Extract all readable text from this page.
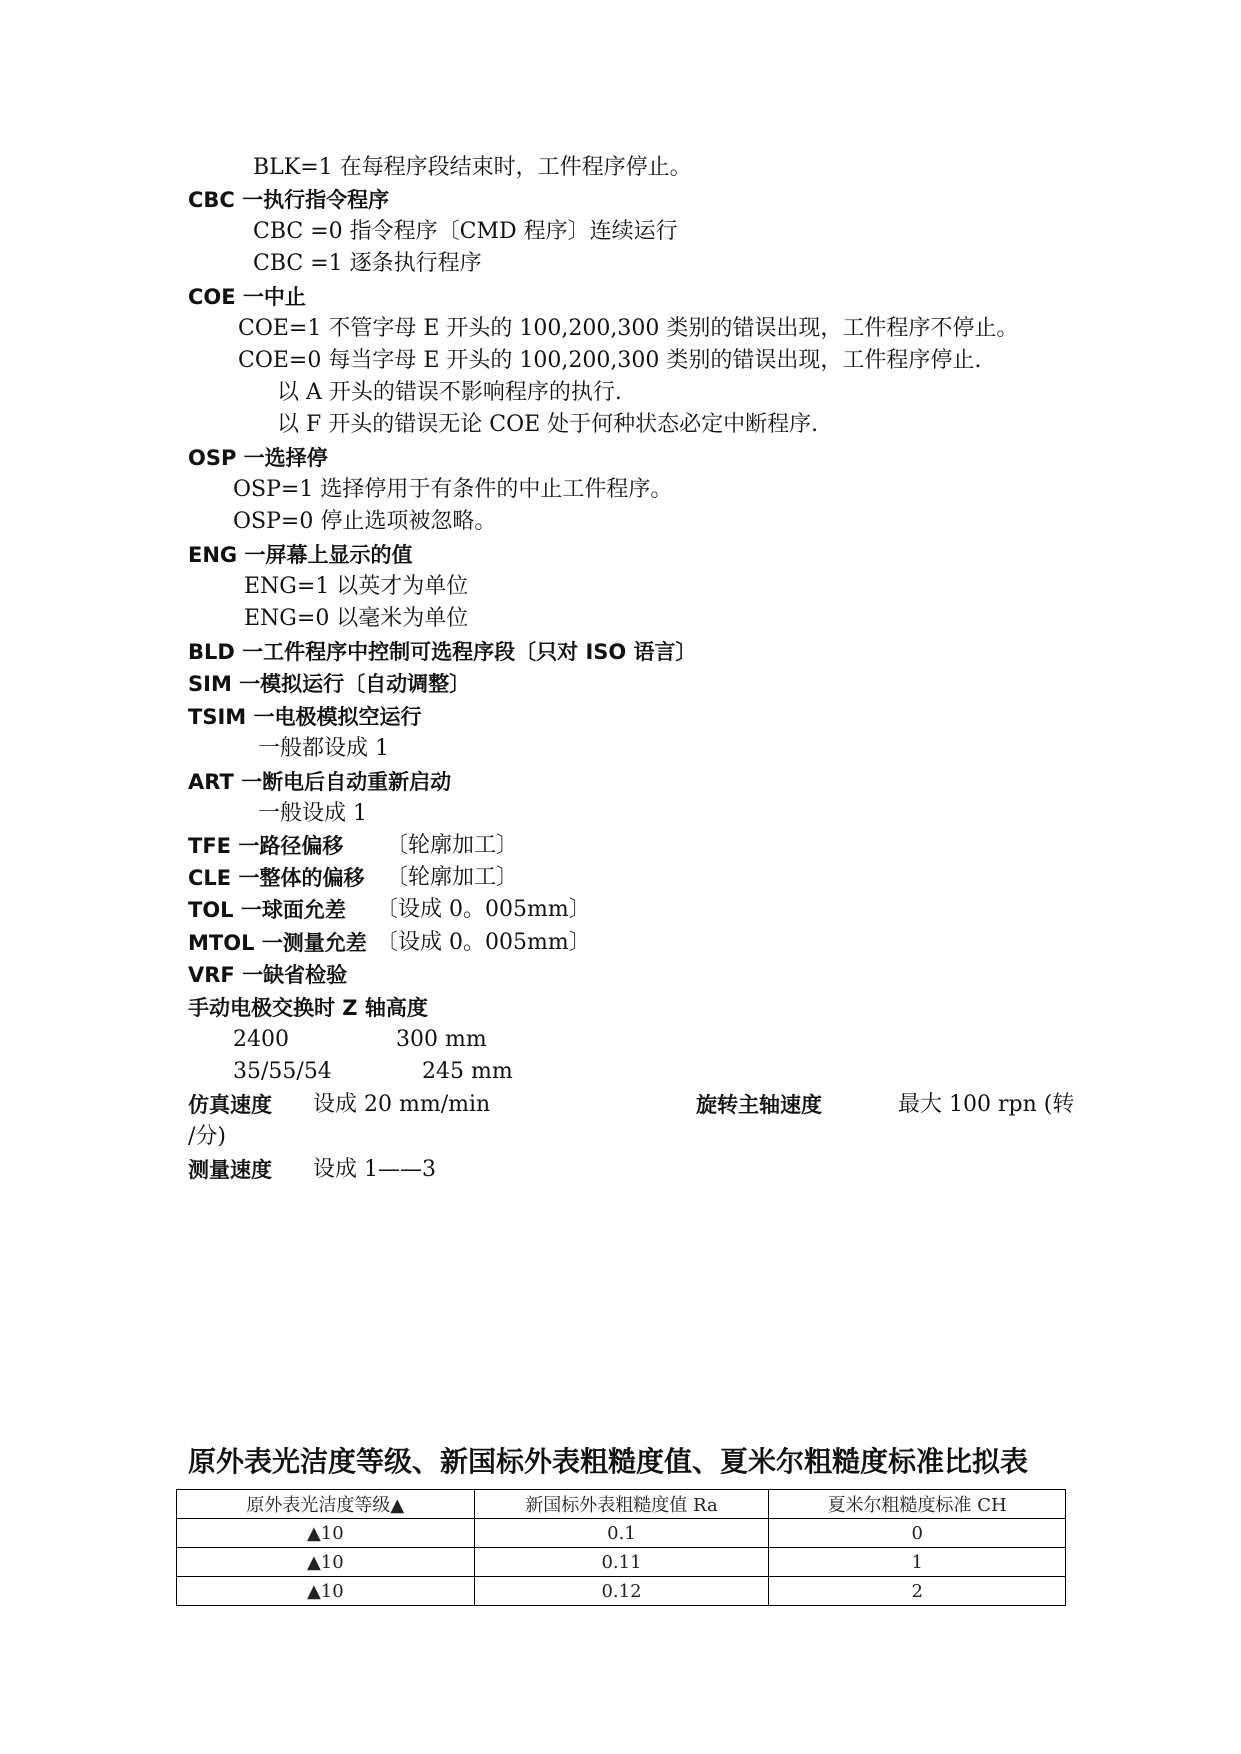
BLK=1 在每程序段结束时，工件程序停止。
CBC 一执行指令程序
CBC =0 指令程序〔CMD 程序〕连续运行
CBC =1 逐条执行程序
COE 一中止
COE=1 不管字母 E 开头的 100,200,300 类别的错误出现，工件程序不停止。
COE=0 每当字母 E 开头的 100,200,300 类别的错误出现，工件程序停止.
以 A 开头的错误不影响程序的执行.
以 F 开头的错误无论 COE 处于何种状态必定中断程序.
OSP 一选择停
OSP=1 选择停用于有条件的中止工件程序。
OSP=0 停止选项被忽略。
ENG 一屏幕上显示的值
ENG=1 以英才为单位
ENG=0 以毫米为单位
BLD 一工件程序中控制可选程序段〔只对 ISO 语言〕
SIM 一模拟运行〔自动调整〕
TSIM 一电极模拟空运行
一般都设成 1
ART 一断电后自动重新启动
一般设成 1
TFE 一路径偏移 〔轮廓加工〕
CLE 一整体的偏移 〔轮廓加工〕
TOL 一球面允差 〔设成 0。005mm〕
MTOL 一测量允差 〔设成 0。005mm〕
VRF 一缺省检验
手动电极交换时 Z 轴高度
2400	300 mm
35/55/54	245 mm
仿真速度 设成 20 mm/min	旋转主轴速度	最大 100 rpn (转
/分)
测量速度 设成 1——3
原外表光洁度等级、新国标外表粗糙度值、夏米尔粗糙度标准比拟表
原外表光洁度等级▲	新国标外表粗糙度值 Ra	夏米尔粗糙度标准 CH
▲10	0.1	0
▲10	0.11	1
▲10	0.12	2
